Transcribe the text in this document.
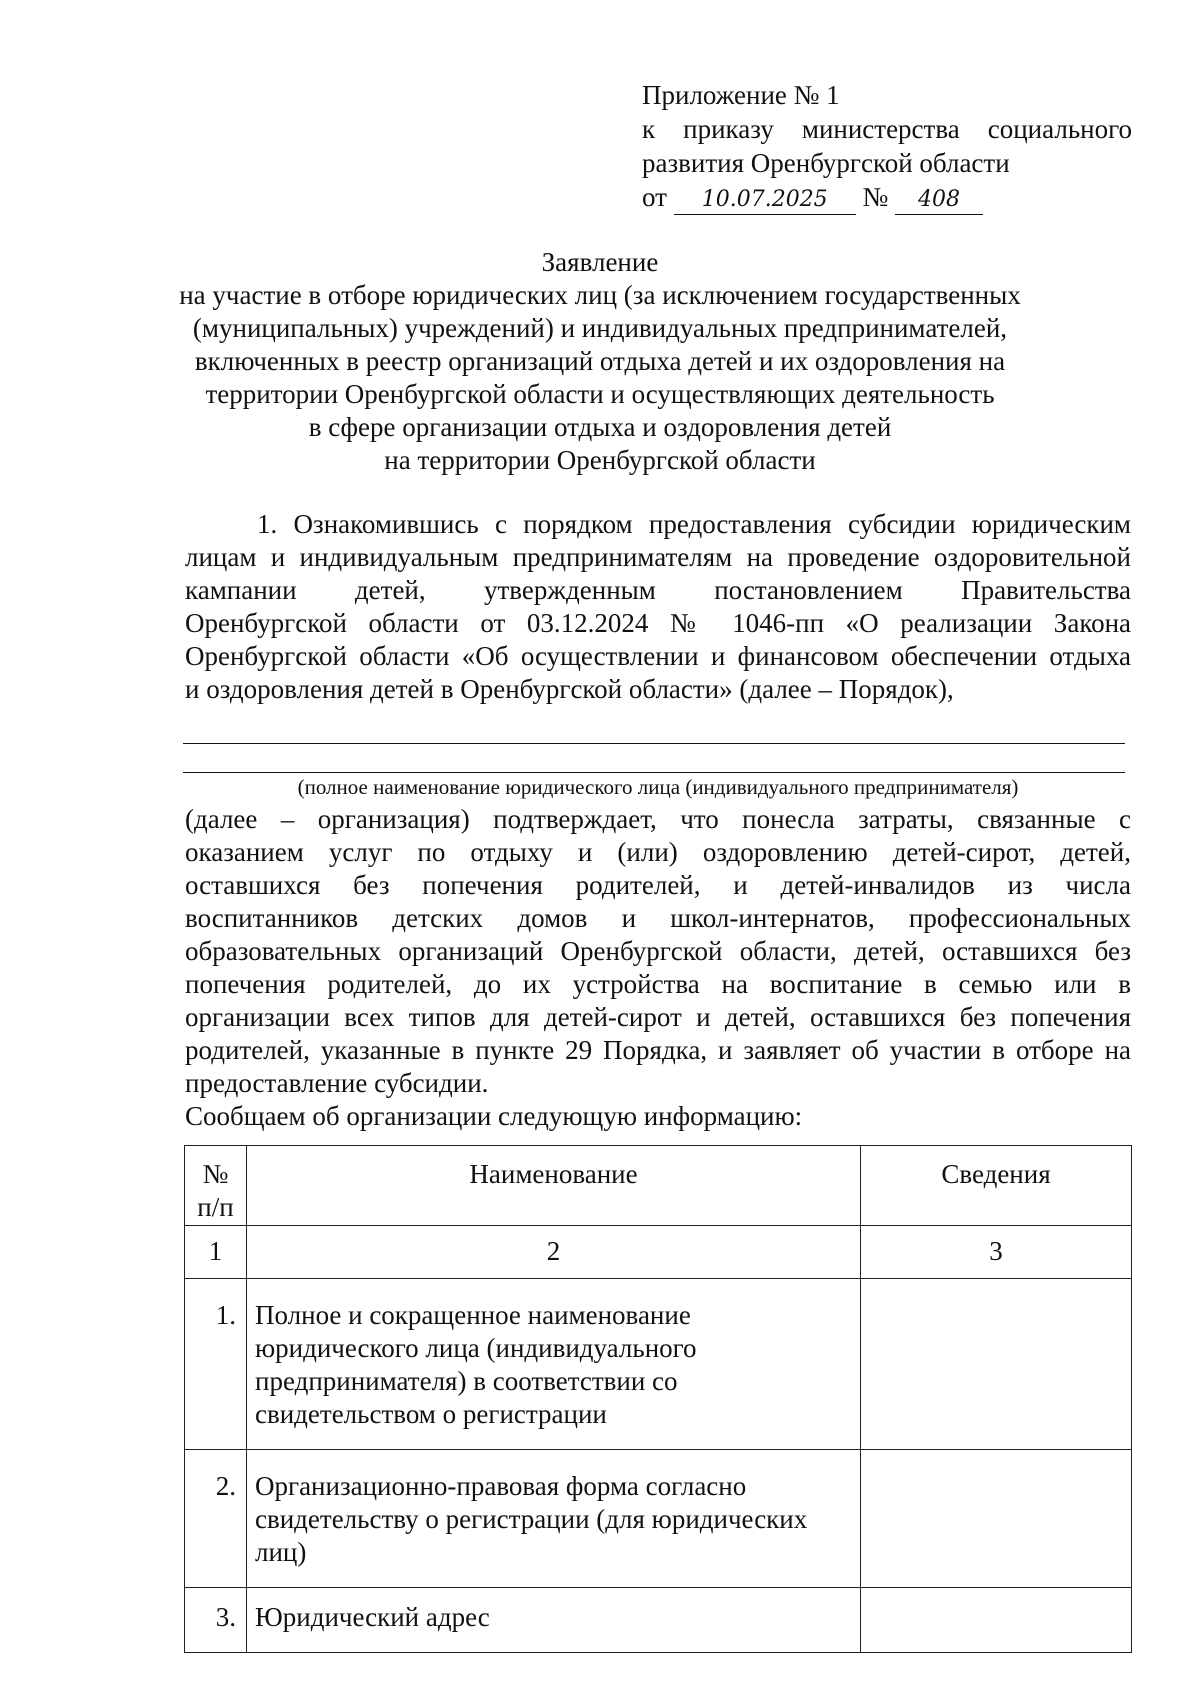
Приложение № 1
к приказу министерства социального
развития Оренбургской области
от 10.07.2025 № 408
Заявление
на участие в отборе юридических лиц (за исключением государственных
(муниципальных) учреждений) и индивидуальных предпринимателей,
включенных в реестр организаций отдыха детей и их оздоровления на
территории Оренбургской области и осуществляющих деятельность
в сфере организации отдыха и оздоровления детей
на территории Оренбургской области
1. Ознакомившись с порядком предоставления субсидии юридическим
лицам и индивидуальным предпринимателям на проведение оздоровительной
кампании детей, утвержденным постановлением Правительства
Оренбургской области от 03.12.2024 № 1046-пп «О реализации Закона
Оренбургской области «Об осуществлении и финансовом обеспечении отдыха
и оздоровления детей в Оренбургской области» (далее – Порядок),
(полное наименование юридического лица (индивидуального предпринимателя)
(далее – организация) подтверждает, что понесла затраты, связанные с
оказанием услуг по отдыху и (или) оздоровлению детей-сирот, детей,
оставшихся без попечения родителей, и детей-инвалидов из числа
воспитанников детских домов и школ-интернатов, профессиональных
образовательных организаций Оренбургской области, детей, оставшихся без
попечения родителей, до их устройства на воспитание в семью или в
организации всех типов для детей-сирот и детей, оставшихся без попечения
родителей, указанные в пункте 29 Порядка, и заявляет об участии в отборе на
предоставление субсидии.
Сообщаем об организации следующую информацию:
№
п/п	Наименование	Сведения
1	2	3
1.	Полное и сокращенное наименование
юридического лица (индивидуального
предпринимателя) в соответствии со
свидетельством о регистрации	

2.	Организационно-правовая форма согласно
свидетельству о регистрации (для юридических
лиц)	

3.	Юридический адрес	
